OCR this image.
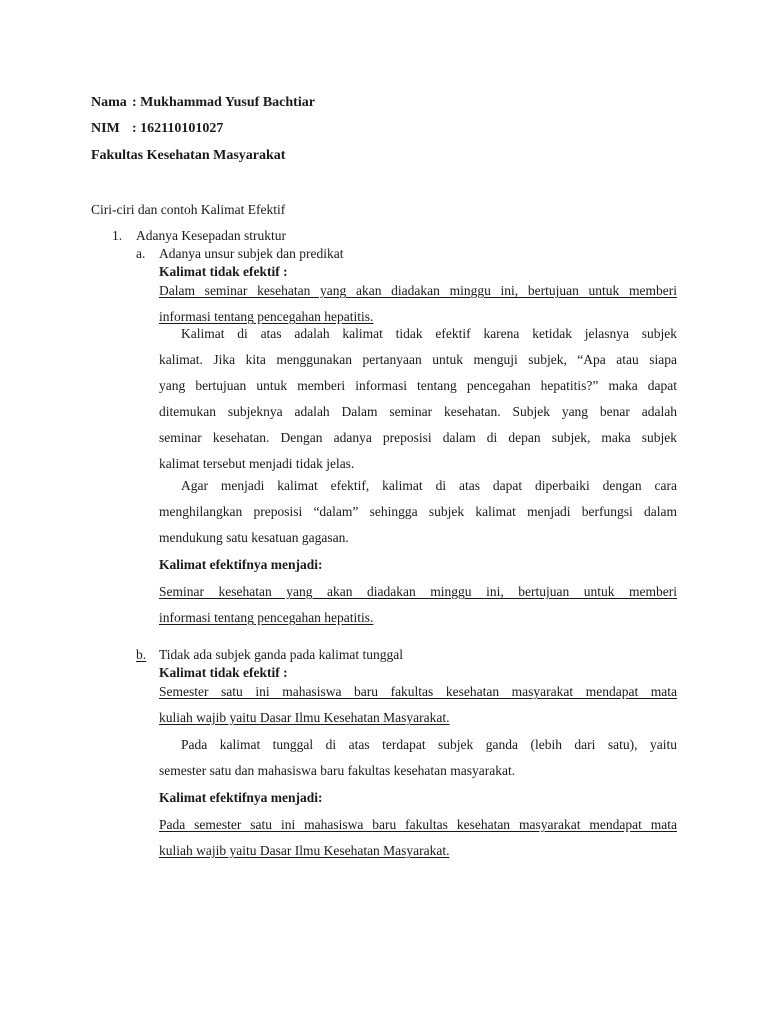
Nama : Mukhammad Yusuf Bachtiar
NIM : 162110101027
Fakultas Kesehatan Masyarakat
Ciri-ciri dan contoh Kalimat Efektif
1. Adanya Kesepadan struktur
a. Adanya unsur subjek dan predikat
Kalimat tidak efektif :
Dalam seminar kesehatan yang akan diadakan minggu ini, bertujuan untuk memberi
informasi tentang pencegahan hepatitis.
Kalimat di atas adalah kalimat tidak efektif karena ketidak jelasnya subjek
kalimat. Jika kita menggunakan pertanyaan untuk menguji subjek, “Apa atau siapa
yang bertujuan untuk memberi informasi tentang pencegahan hepatitis?” maka dapat
ditemukan subjeknya adalah Dalam seminar kesehatan. Subjek yang benar adalah
seminar kesehatan. Dengan adanya preposisi dalam di depan subjek, maka subjek
kalimat tersebut menjadi tidak jelas.
Agar menjadi kalimat efektif, kalimat di atas dapat diperbaiki dengan cara
menghilangkan preposisi “dalam” sehingga subjek kalimat menjadi berfungsi dalam
mendukung satu kesatuan gagasan.
Kalimat efektifnya menjadi:
Seminar kesehatan yang akan diadakan minggu ini, bertujuan untuk memberi
informasi tentang pencegahan hepatitis.
b. Tidak ada subjek ganda pada kalimat tunggal
Kalimat tidak efektif :
Semester satu ini mahasiswa baru fakultas kesehatan masyarakat mendapat mata
kuliah wajib yaitu Dasar Ilmu Kesehatan Masyarakat.
Pada kalimat tunggal di atas terdapat subjek ganda (lebih dari satu), yaitu
semester satu dan mahasiswa baru fakultas kesehatan masyarakat.
Kalimat efektifnya menjadi:
Pada semester satu ini mahasiswa baru fakultas kesehatan masyarakat mendapat mata
kuliah wajib yaitu Dasar Ilmu Kesehatan Masyarakat.
